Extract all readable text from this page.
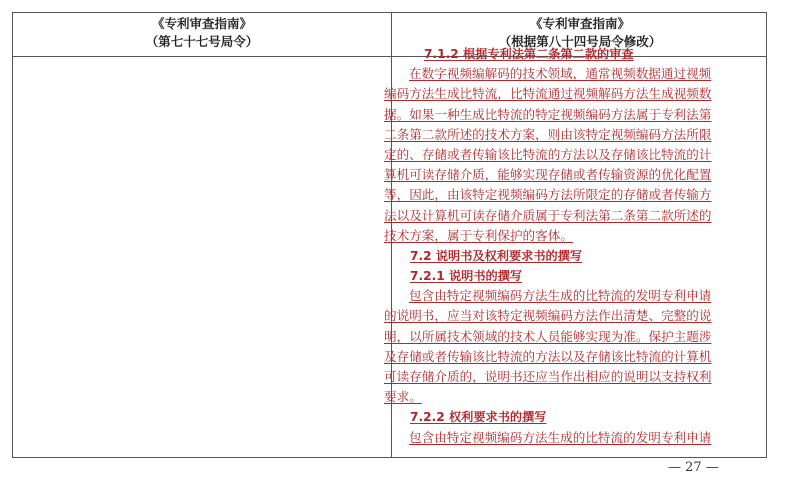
《专利审查指南》
（第七十七号局令）
《专利审查指南》
（根据第八十四号局令修改）
7.1.2 根据专利法第二条第二款的审查
在数字视频编解码的技术领域，通常视频数据通过视频
编码方法生成比特流，比特流通过视频解码方法生成视频数
据。如果一种生成比特流的特定视频编码方法属于专利法第
二条第二款所述的技术方案，则由该特定视频编码方法所限
定的、存储或者传输该比特流的方法以及存储该比特流的计
算机可读存储介质，能够实现存储或者传输资源的优化配置
等，因此，由该特定视频编码方法所限定的存储或者传输方
法以及计算机可读存储介质属于专利法第二条第二款所述的
技术方案，属于专利保护的客体。
7.2 说明书及权利要求书的撰写
7.2.1 说明书的撰写
包含由特定视频编码方法生成的比特流的发明专利申请
的说明书，应当对该特定视频编码方法作出清楚、完整的说
明，以所属技术领域的技术人员能够实现为准。保护主题涉
及存储或者传输该比特流的方法以及存储该比特流的计算机
可读存储介质的，说明书还应当作出相应的说明以支持权利
要求。
7.2.2 权利要求书的撰写
包含由特定视频编码方法生成的比特流的发明专利申请
— 27 —
